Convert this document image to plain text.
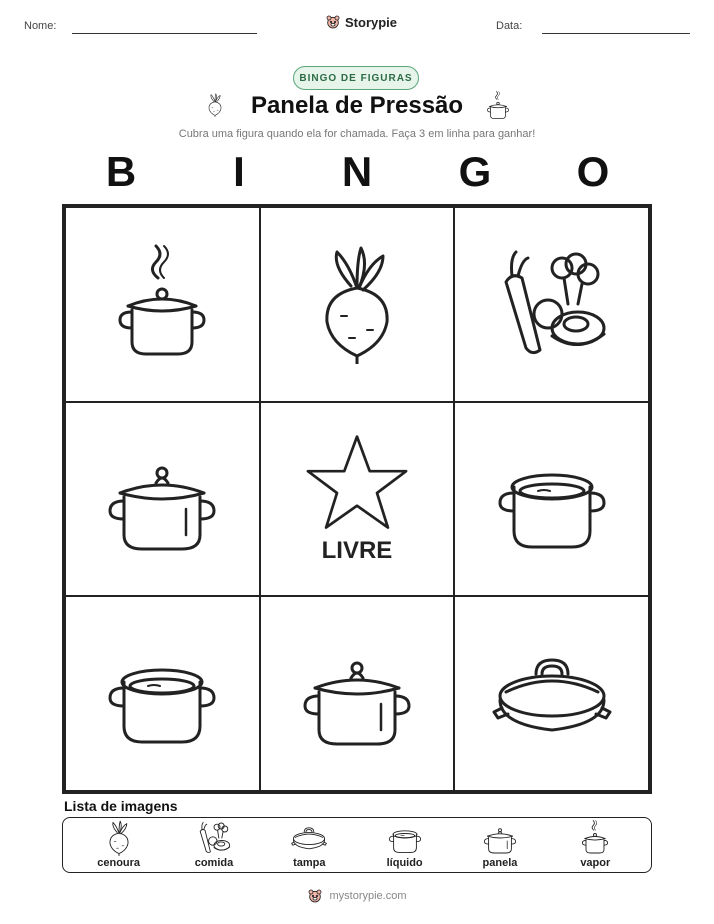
Nome:	Storypie	Data:
BINGO DE FIGURAS
Panela de Pressão
Cubra uma figura quando ela for chamada. Faça 3 em linha para ganhar!
B	I	N	G	O
LIVRE
Lista de imagens
cenoura	comida	tampa	líquido	panela	vapor
mystorypie.com
